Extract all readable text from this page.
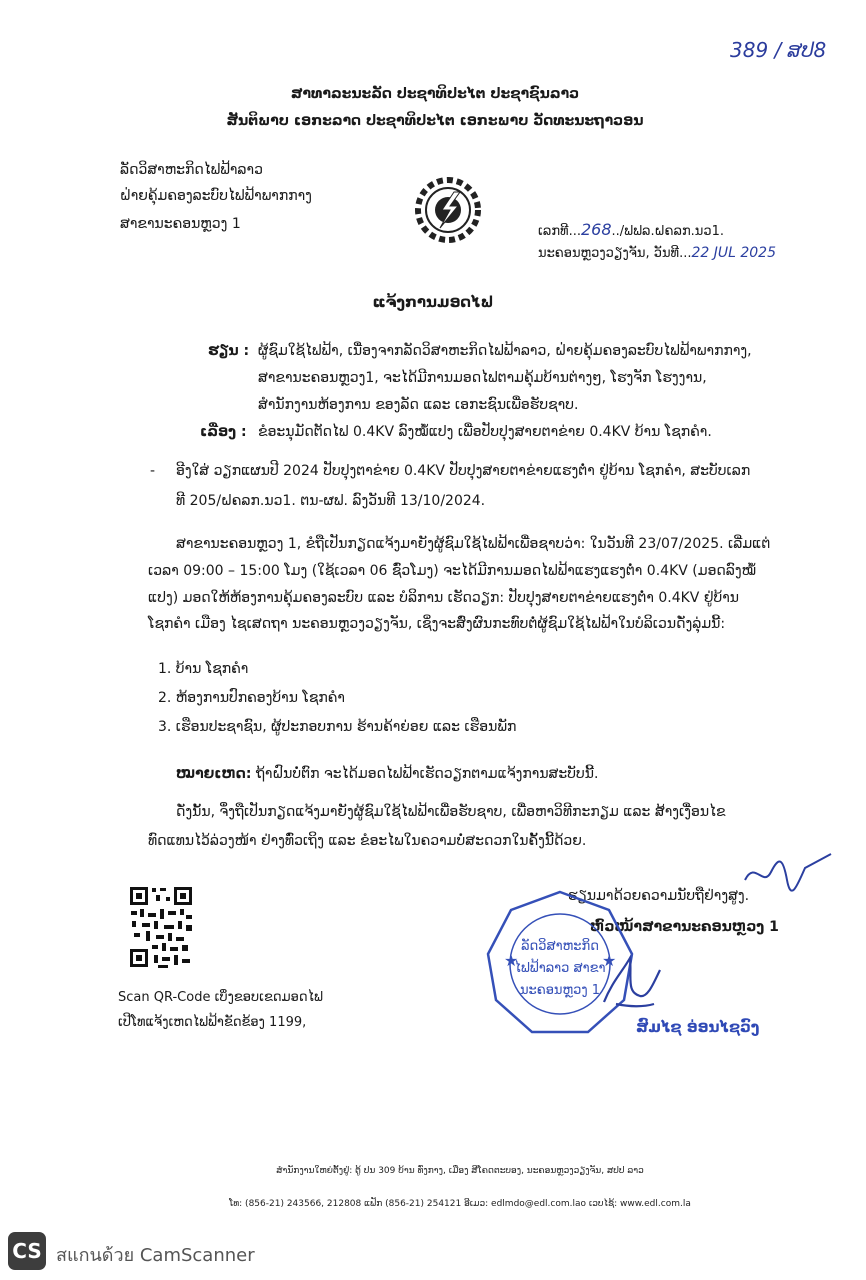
389 / ສປ8
ສາທາລະນະລັດ ປະຊາທິປະໄຕ ປະຊາຊົນລາວ
ສັນຕິພາບ ເອກະລາດ ປະຊາທິປະໄຕ ເອກະພາບ ວັດທະນະຖາວອນ
ລັດວິສາຫະກິດໄຟຟ້າລາວ
ຝ່າຍຄຸ້ມຄອງລະບົບໄຟຟ້າພາກກາງ
ສາຂານະຄອນຫຼວງ 1	ເລກທີ...268../ຟຟລ.ຝຄລກ.ນວ1.
ນະຄອນຫຼວງວຽງຈັນ, ວັນທີ...22 JUL 2025
ແຈ້ງການມອດໄຟ
ຮຽນ : ຜູ້ຊົມໃຊ້ໄຟຟ້າ, ເນື່ອງຈາກລັດວິສາຫະກິດໄຟຟ້າລາວ, ຝ່າຍຄຸ້ມຄອງລະບົບໄຟຟ້າພາກກາງ,
ສາຂານະຄອນຫຼວງ1, ຈະໄດ້ມີການມອດໄຟຕາມຄຸ້ມບ້ານຕ່າງໆ, ໂຮງຈັກ ໂຮງງານ,
ສຳນັກງານຫ້ອງການ ຂອງລັດ ແລະ ເອກະຊົນເພື່ອຮັບຊາບ.
ເລື່ອງ : ຂໍອະນຸມັດຕັດໄຟ 0.4KV ລົງໝໍ້ແປງ ເພື່ອປັບປຸງສາຍຕາຂ່າຍ 0.4KV ບ້ານ ໂຊກຄຳ.
- ອີງໃສ່ ວຽກແຜນປີ 2024 ປັບປຸງຕາຂ່າຍ 0.4KV ປັບປຸງສາຍຕາຂ່າຍແຮງຕໍ່າ ຢູ່ບ້ານ ໂຊກຄຳ, ສະບັບເລກ
ທີ 205/ຝຄລກ.ນວ1. ຕນ-ຜຟ. ລົງວັນທີ 13/10/2024.
ສາຂານະຄອນຫຼວງ 1, ຂໍຖືເປັນກຽດແຈ້ງມາຍັງຜູ້ຊົມໃຊ້ໄຟຟ້າເພື່ອຊາບວ່າ: ໃນວັນທີ 23/07/2025. ເລີ່ມແຕ່
ເວລາ 09:00 – 15:00 ໂມງ (ໃຊ້ເວລາ 06 ຊົ່ວໂມງ) ຈະໄດ້ມີການມອດໄຟຟ້າແຮງແຮງຕໍ່າ 0.4KV (ມອດລົງໝໍ້
ແປງ) ມອດໃຫ້ຫ້ອງການຄຸ້ມຄອງລະບົບ ແລະ ບໍລິການ ເຮັດວຽກ: ປັບປຸງສາຍຕາຂ່າຍແຮງຕໍ່າ 0.4KV ຢູ່ບ້ານ
ໂຊກຄຳ ເມືອງ ໄຊເສດຖາ ນະຄອນຫຼວງວຽງຈັນ, ເຊິ່ງຈະສົ່ງຜົນກະທົບຕໍ່ຜູ້ຊົມໃຊ້ໄຟຟ້າໃນບໍລິເວນດັ່ງລຸ່ມນີ້:
1. ບ້ານ ໂຊກຄຳ
2. ຫ້ອງການປົກຄອງບ້ານ ໂຊກຄຳ
3. ເຮືອນປະຊາຊົນ, ຜູ້ປະກອບການ ຮ້ານຄ້າຍ່ອຍ ແລະ ເຮືອນພັກ
ໝາຍເຫດ: ຖ້າຝົນບໍ່ຕົກ ຈະໄດ້ມອດໄຟຟ້າເຮັດວຽກຕາມແຈ້ງການສະບັບນີ້.
ດັ່ງນັ້ນ, ຈຶ່ງຖືເປັນກຽດແຈ້ງມາຍັງຜູ້ຊົມໃຊ້ໄຟຟ້າເພື່ອຮັບຊາບ, ເພື່ອຫາວິທີກະກຽມ ແລະ ສ້າງເງື່ອນໄຂ
ທົດແທນໄວ້ລ່ວງໜ້າ ຢ່າງທົ່ວເຖິງ ແລະ ຂໍອະໄພໃນຄວາມບໍ່ສະດວກໃນຄັ້ງນີ້ດ້ວຍ.
Scan QR-Code ເບິ່ງຂອບເຂດມອດໄຟ
ເປີໂທແຈ້ງເຫດໄຟຟ້າຂັດຂ້ອງ 1199,
ຮຽນມາດ້ວຍຄວາມນັບຖືຢ່າງສູງ.
ຫົວໜ້າສາຂານະຄອນຫຼວງ 1
★	★
ລັດວິສາຫະກິດ
ໄຟຟ້າລາວ ສາຂາ
ນະຄອນຫຼວງ 1
ສົມໄຊ ອ່ອນໄຊວົງ
ສຳນັກງານໃຫຍ່ຕັ້ງຢູ່: ຕູ້ ປນ 309 ບ້ານ ທົ່ງກາງ, ເມືອງ ສີໂຄດຕະບອງ, ນະຄອນຫຼວງວຽງຈັນ, ສປປ ລາວ
ໂທ: (856-21) 243566, 212808 ແຟັກ (856-21) 254121 ອີເມວ: edlmdo@edl.com.lao ເວບໄຊ້: www.edl.com.la
CS สแกนด้วย CamScanner
